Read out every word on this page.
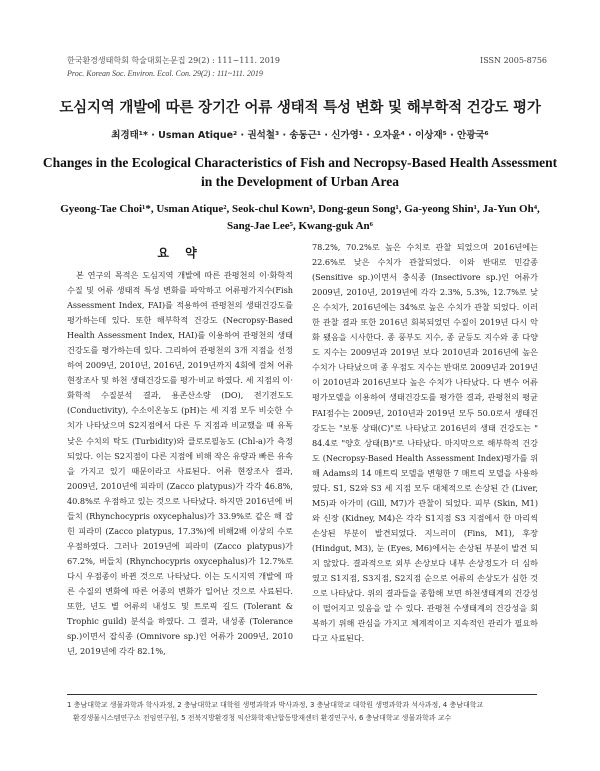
한국환경생태학회 학술대회논문집 29(2) : 111~111. 2019	ISSN 2005-8756
Proc. Korean Soc. Environ. Ecol. Con. 29(2) : 111~111. 2019
도심지역 개발에 따른 장기간 어류 생태적 특성 변화 및 해부학적 건강도 평가
최경태¹* · Usman Atique² · 권석철³ · 송동근¹ · 신가영¹ · 오자윤⁴ · 이상재⁵ · 안광국⁶
Changes in the Ecological Characteristics of Fish and Necropsy-Based Health Assessment in the Development of Urban Area
Gyeong-Tae Choi¹*, Usman Atique², Seok-chul Kown³, Dong-geun Song¹, Ga-yeong Shin¹, Ja-Yun Oh⁴,
Sang-Jae Lee⁵, Kwang-guk An⁶
요 약
본 연구의 목적은 도심지역 개발에 따른 관평천의 이·화학적 수질 및 어류 생태적 특성 변화를 파악하고 어류평가지수(Fish Assessment Index, FAI)를 적용하여 관평천의 생태건강도를 평가하는데 있다. 또한 해부학적 건강도 (Necropsy-Based Health Assessment Index, HAI)를 이용하여 관평천의 생태건강도를 평가하는데 있다. 그리하여 관평천의 3개 지점을 선정하여 2009년, 2010년, 2016년, 2019년까지 4회에 걸쳐 어류현장조사 및 하천 생태건강도를 평가·비교 하였다. 세 지점의 이·화학적 수질분석 결과, 용존산소량 (DO), 전기전도도 (Conductivity), 수소이온농도 (pH)는 세 지점 모두 비슷한 수치가 나타났으며 S2지점에서 다른 두 지점과 비교했을 때 유독 낮은 수치의 탁도 (Turbidity)와 클로로필농도 (Chl-a)가 측정되었다. 이는 S2지점이 다른 지점에 비해 작은 유량과 빠른 유속을 가지고 있기 때문이라고 사료된다. 어류 현장조사 결과, 2009년, 2010년에 피라미 (Zacco platypus)가 각각 46.8%, 40.8%로 우점하고 있는 것으로 나타났다. 하지만 2016년에 버들치 (Rhynchocypris oxycephalus)가 33.9%로 같은 해 잡힌 피라미 (Zacco platypus, 17.3%)에 비해2배 이상의 수로 우점하였다. 그러나 2019년에 피라미 (Zacco platypus)가 67.2%, 버들치 (Rhynchocypris oxycephalus)가 12.7%로 다시 우점종이 바뀐 것으로 나타났다. 이는 도시지역 개발에 따른 수질의 변화에 따른 어종의 변화가 일어난 것으로 사료된다. 또한, 년도 별 어류의 내성도 및 트로픽 길드 (Tolerant & Trophic guild) 분석을 하였다. 그 결과, 내성종 (Tolerance sp.)이면서 잡식종 (Omnivore sp.)인 어류가 2009년, 2010년, 2019년에 각각 82.1%,
78.2%, 70.2%로 높은 수치로 관찰 되었으며 2016년에는 22.6%로 낮은 수치가 관찰되었다. 이와 반대로 민감종 (Sensitive sp.)이면서 충식종 (Insectivore sp.)인 어류가 2009년, 2010년, 2019년에 각각 2.3%, 5.3%, 12.7%로 낮은 수치가, 2016년에는 34%로 높은 수치가 관찰 되었다. 이러한 관찰 결과 또한 2016년 회복되었던 수질이 2019년 다시 악화 됐음을 시사한다. 종 풍부도 지수, 종 균등도 지수와 종 다양도 지수는 2009년과 2019년 보다 2010년과 2016년에 높은 수치가 나타났으며 종 우점도 지수는 반대로 2009년과 2019년이 2010년과 2016년보다 높은 수치가 나타났다. 다 변수 어류 평가모델을 이용하여 생태건강도를 평가한 결과, 관평천의 평균 FAI점수는 2009년, 2010년과 2019년 모두 50.0로서 생태건강도는 "보통 상태(C)"로 나타났고 2016년의 생태 건강도는 " 84.4로 "양호 상태(B)"로 나타났다. 마지막으로 해부학적 건강도 (Necropsy-Based Health Assessment Index)평가를 위해 Adams의 14 매트릭 모델을 변형한 7 매트릭 모델을 사용하였다. S1, S2와 S3 세 지점 모두 대체적으로 손상된 간 (Liver, M5)과 아가미 (Gill, M7)가 관찰이 되었다. 피부 (Skin, M1)와 신장 (Kidney, M4)은 각각 S1지점 S3 지점에서 한 마리씩 손상된 부분이 발견되었다. 지느러미 (Fins, M1), 후장 (Hindgut, M3), 눈 (Eyes, M6)에서는 손상된 부분이 발견 되지 않았다. 결과적으로 외부 손상보다 내부 손상정도가 더 심하였고 S1지점, S3지점, S2지점 순으로 어류의 손상도가 심한 것으로 나타났다. 위의 결과들을 종합해 보면 하천생태계의 건강성이 떨어지고 있음을 알 수 있다. 관평천 수생태계의 건강성을 회복하기 위해 관심을 가지고 체계적이고 지속적인 관리가 필요하다고 사료된다.

1 충남대학교 생물과학과 학사과정, 2 충남대학교 대학원 생명과학과 박사과정, 3 충남대학교 대학원 생명과학과 석사과정, 4 충남대학교

환경생물시스템연구소 전임연구원, 5 전북지방환경청 익산화학재난합동방재센터 환경연구사, 6 충남대학교 생물과학과 교수
